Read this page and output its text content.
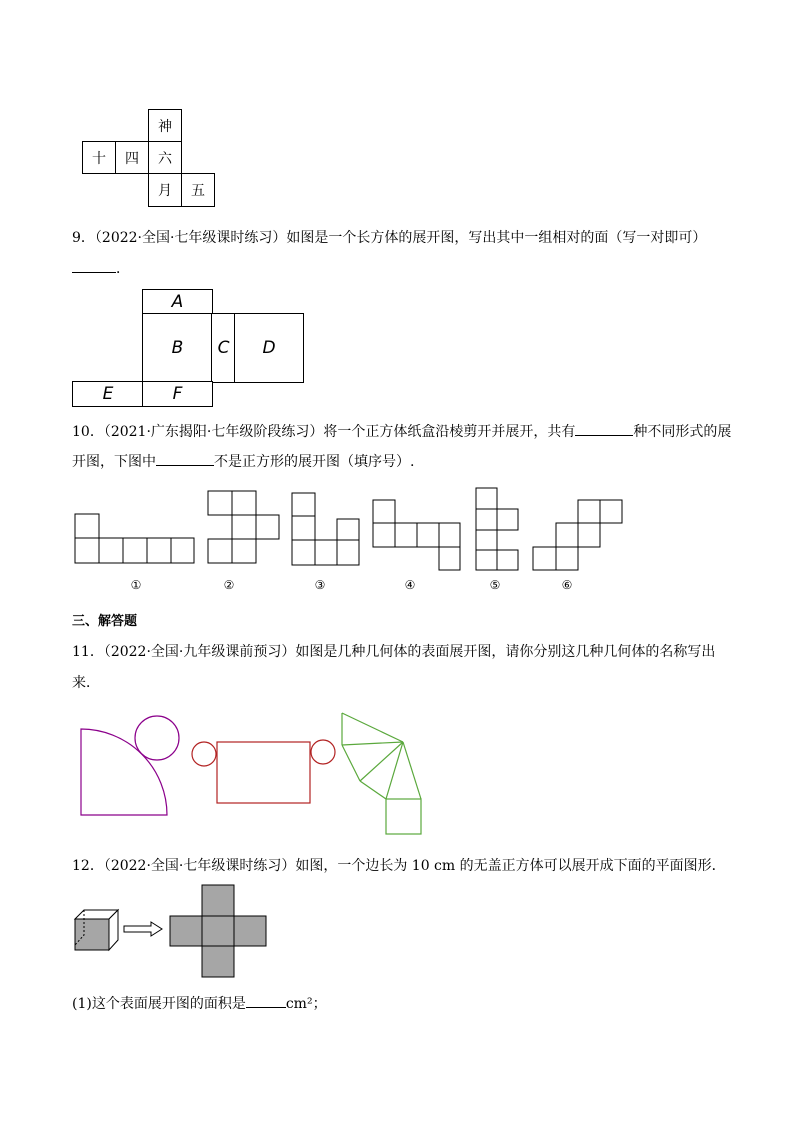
神
十	四	六
月	五
9．（2022·全国·七年级课时练习）如图是一个长方体的展开图，写出其中一组相对的面（写一对即可）
．
A
B	C	D
E	F
10．（2021·广东揭阳·七年级阶段练习）将一个正方体纸盒沿棱剪开并展开，共有	种不同形式的展
开图，下图中	不是正方形的展开图（填序号）.
①	②	③	④	⑤	⑥
三、解答题
11．（2022·全国·九年级课前预习）如图是几种几何体的表面展开图，请你分别这几种几何体的名称写出
来．
12．（2022·全国·七年级课时练习）如图，一个边长为 10 cm 的无盖正方体可以展开成下面的平面图形．
(1)这个表面展开图的面积是	cm²；
